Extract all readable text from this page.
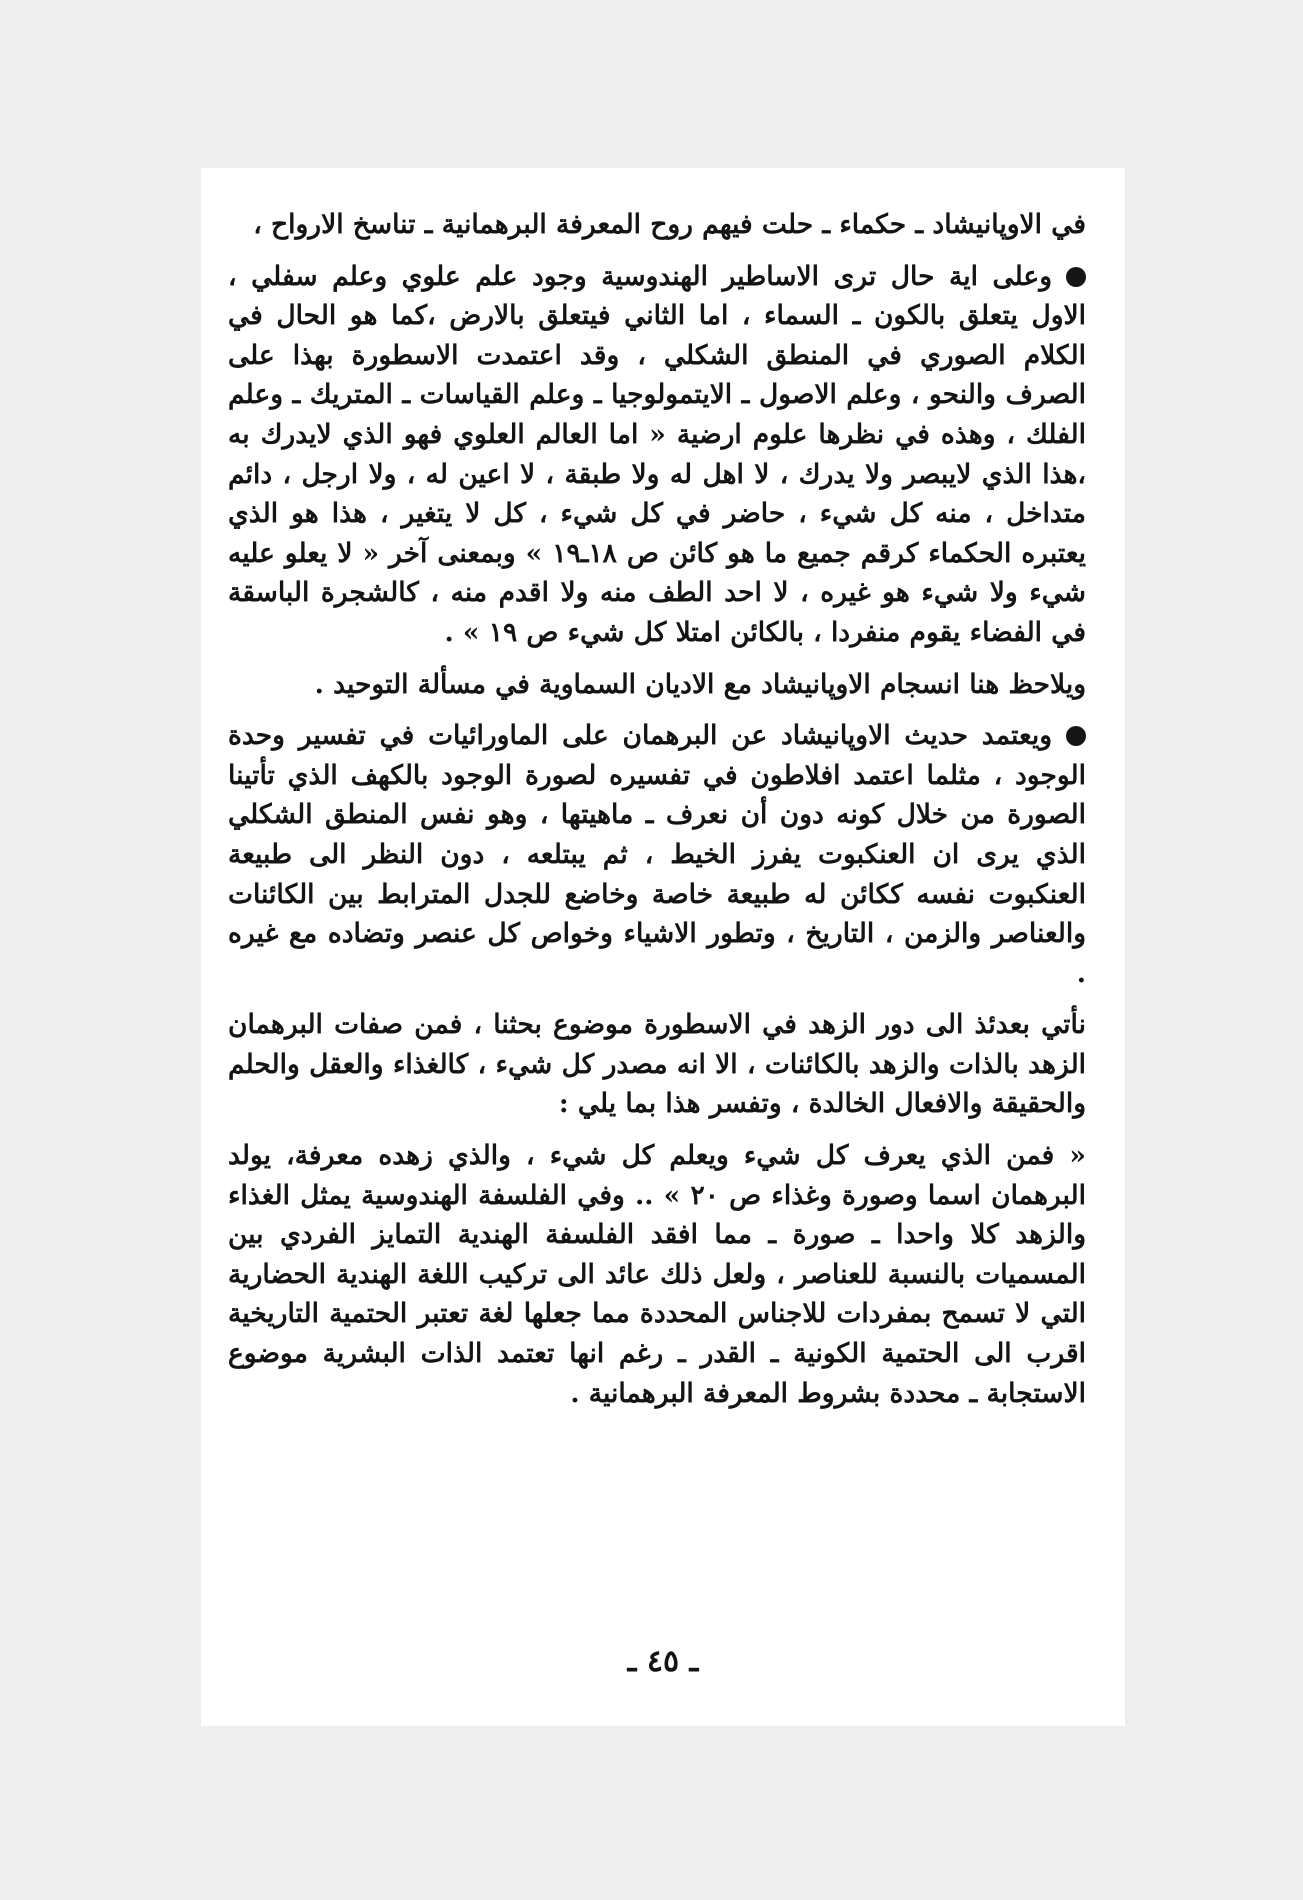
في الاوپانيشاد ـ حكماء ـ حلت فيهم روح المعرفة البرهمانية ـ تناسخ الارواح ،

وعلى اية حال ترى الاساطير الهندوسية وجود علم علوي وعلم سفلي ، الاول يتعلق بالكون ـ السماء ، اما الثاني فيتعلق بالارض ،كما هو الحال في الكلام الصوري في المنطق الشكلي ، وقد اعتمدت الاسطورة بهذا على الصرف والنحو ، وعلم الاصول ـ الايتمولوجيا ـ وعلم القياسات ـ المتريك ـ وعلم الفلك ، وهذه في نظرها علوم ارضية « اما العالم العلوي فهو الذي لايدرك به ،هذا الذي لايبصر ولا يدرك ، لا اهل له ولا طبقة ، لا اعين له ، ولا ارجل ، دائم متداخل ، منه كل شيء ، حاضر في كل شيء ، كل لا يتغير ، هذا هو الذي يعتبره الحكماء كرقم جميع ما هو كائن ص ١٨ـ١٩ » وبمعنى آخر « لا يعلو عليه شيء ولا شيء هو غيره ، لا احد الطف منه ولا اقدم منه ، كالشجرة الباسقة في الفضاء يقوم منفردا ، بالكائن امتلا كل شيء ص ١٩ » .

ويلاحظ هنا انسجام الاوپانيشاد مع الاديان السماوية في مسألة التوحيد .

ويعتمد حديث الاوپانيشاد عن البرهمان على الماورائيات في تفسير وحدة الوجود ، مثلما اعتمد افلاطون في تفسيره لصورة الوجود بالكهف الذي تأتينا الصورة من خلال كونه دون أن نعرف ـ ماهيتها ، وهو نفس المنطق الشكلي الذي يرى ان العنكبوت يفرز الخيط ، ثم يبتلعه ، دون النظر الى طبيعة العنكبوت نفسه ككائن له طبيعة خاصة وخاضع للجدل المترابط بين الكائنات والعناصر والزمن ، التاريخ ، وتطور الاشياء وخواص كل عنصر وتضاده مع غيره .

نأتي بعدئذ الى دور الزهد في الاسطورة موضوع بحثنا ، فمن صفات البرهمان الزهد بالذات والزهد بالكائنات ، الا انه مصدر كل شيء ، كالغذاء والعقل والحلم والحقيقة والافعال الخالدة ، وتفسر هذا بما يلي :

« فمن الذي يعرف كل شيء ويعلم كل شيء ، والذي زهده معرفة، يولد البرهمان اسما وصورة وغذاء ص ٢٠ » .. وفي الفلسفة الهندوسية يمثل الغذاء والزهد كلا واحدا ـ صورة ـ مما افقد الفلسفة الهندية التمايز الفردي بين المسميات بالنسبة للعناصر ، ولعل ذلك عائد الى تركيب اللغة الهندية الحضارية التي لا تسمح بمفردات للاجناس المحددة مما جعلها لغة تعتبر الحتمية التاريخية اقرب الى الحتمية الكونية ـ القدر ـ رغم انها تعتمد الذات البشرية موضوع الاستجابة ـ محددة بشروط المعرفة البرهمانية .

ـ ٤٥ ـ
